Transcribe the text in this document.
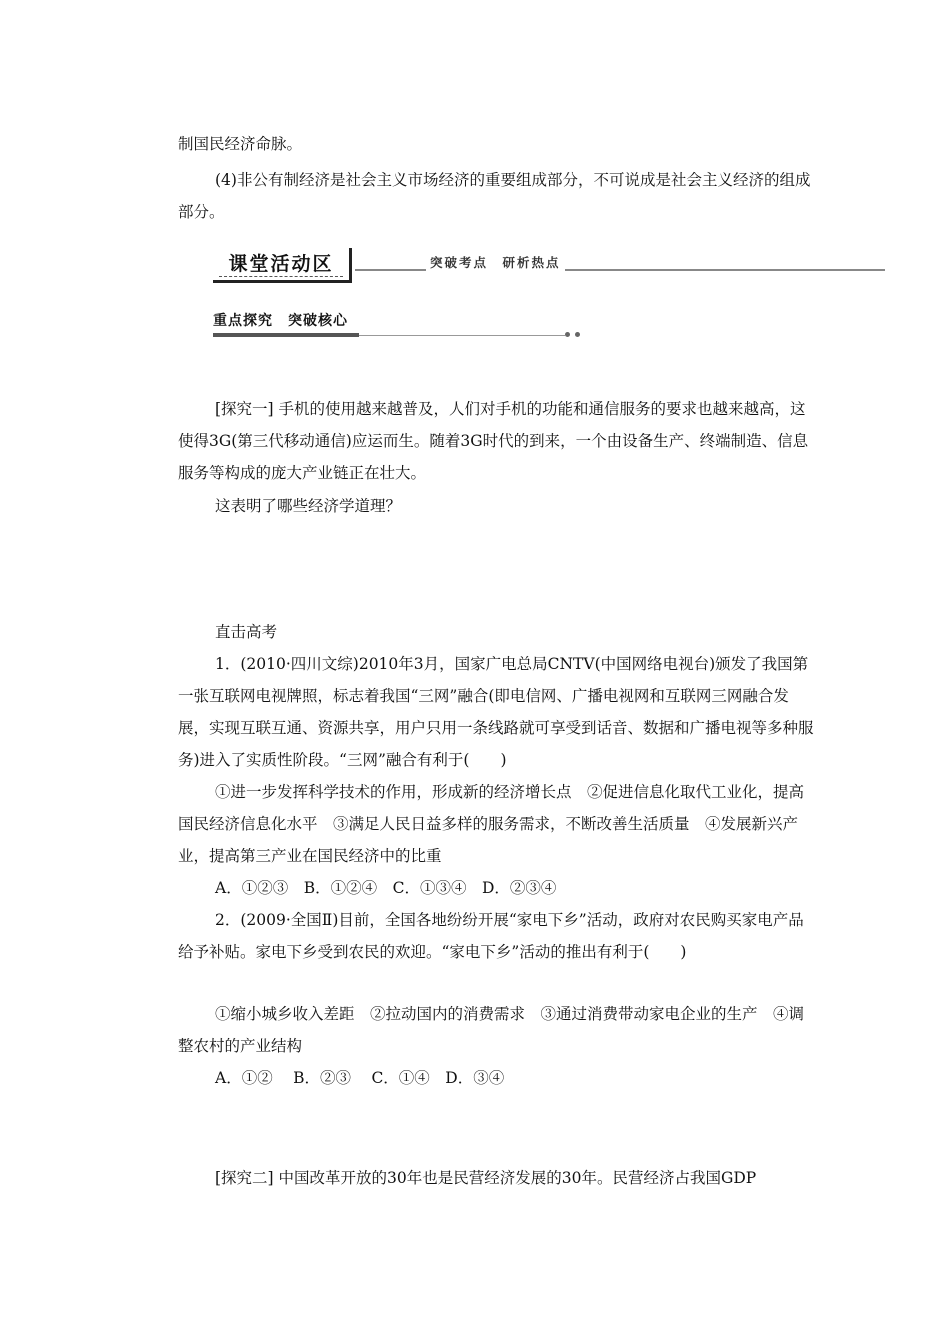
制国民经济命脉。

(4)非公有制经济是社会主义市场经济的重要组成部分，不可说成是社会主义经济的组成部分。

课堂活动区	突破考点　研析热点
重点探究　突破核心

[探究一] 手机的使用越来越普及，人们对手机的功能和通信服务的要求也越来越高，这使得3G(第三代移动通信)应运而生。随着3G时代的到来，一个由设备生产、终端制造、信息服务等构成的庞大产业链正在壮大。

这表明了哪些经济学道理？

直击高考

1．(2010·四川文综)2010年3月，国家广电总局CNTV(中国网络电视台)颁发了我国第一张互联网电视牌照，标志着我国“三网”融合(即电信网、广播电视网和互联网三网融合发展，实现互联互通、资源共享，用户只用一条线路就可享受到话音、数据和广播电视等多种服务)进入了实质性阶段。“三网”融合有利于(　　)

①进一步发挥科学技术的作用，形成新的经济增长点　②促进信息化取代工业化，提高国民经济信息化水平　③满足人民日益多样的服务需求，不断改善生活质量　④发展新兴产业，提高第三产业在国民经济中的比重

A．①②③　B．①②④　C．①③④　D．②③④

2．(2009·全国Ⅱ)目前，全国各地纷纷开展“家电下乡”活动，政府对农民购买家电产品给予补贴。家电下乡受到农民的欢迎。“家电下乡”活动的推出有利于(　　)

①缩小城乡收入差距　②拉动国内的消费需求　③通过消费带动家电企业的生产　④调整农村的产业结构

A．①②　 B．②③　 C．①④　D．③④

[探究二] 中国改革开放的30年也是民营经济发展的30年。民营经济占我国GDP
